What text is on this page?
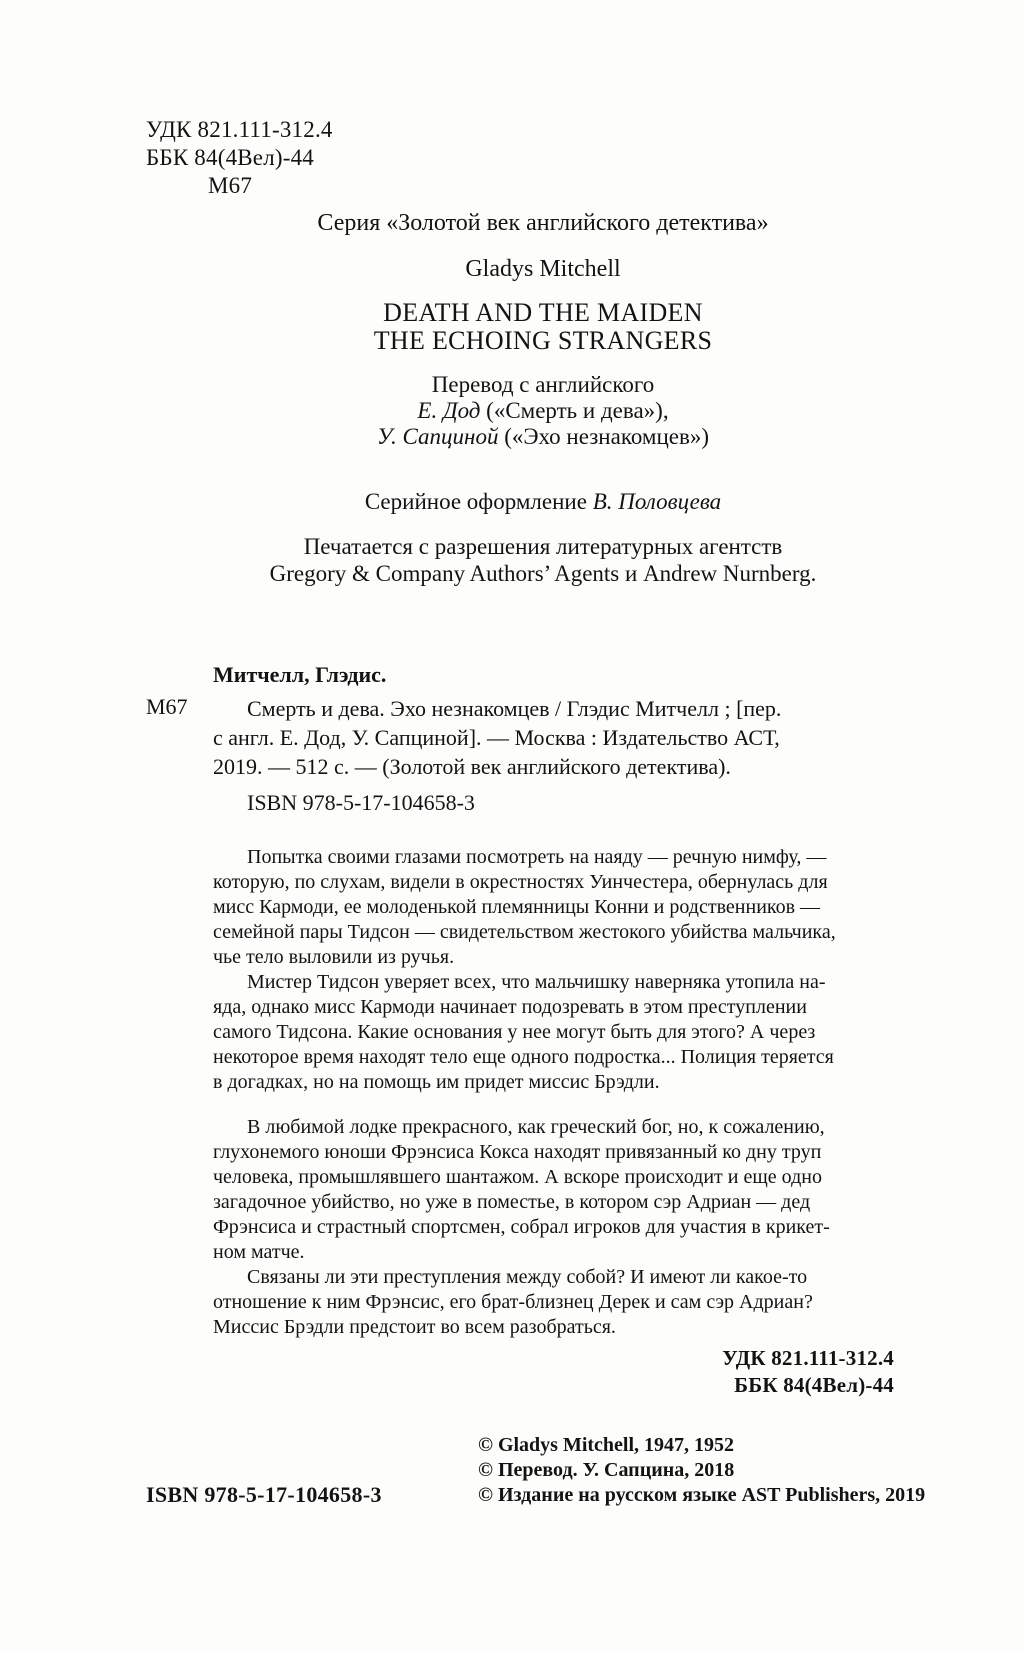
УДК 821.111-312.4
ББК 84(4Вел)-44
М67
Серия «Золотой век английского детектива»
Gladys Mitchell
DEATH AND THE MAIDEN
THE ECHOING STRANGERS
Перевод с английского
Е. Дод («Смерть и дева»),
У. Сапциной («Эхо незнакомцев»)
Серийное оформление В. Половцева
Печатается с разрешения литературных агентств
Gregory & Company Authors’ Agents и Andrew Nurnberg.
Митчелл, Глэдис.
М67	Смерть и дева. Эхо незнакомцев / Глэдис Митчелл ; [пер.
с англ. Е. Дод, У. Сапциной]. — Москва : Издательство АСТ,
2019. — 512 с. — (Золотой век английского детектива).
ISBN 978-5-17-104658-3
Попытка своими глазами посмотреть на наяду — речную нимфу, —
которую, по слухам, видели в окрестностях Уинчестера, обернулась для
мисс Кармоди, ее молоденькой племянницы Конни и родственников —
семейной пары Тидсон — свидетельством жестокого убийства мальчика,
чье тело выловили из ручья.
Мистер Тидсон уверяет всех, что мальчишку наверняка утопила на-
яда, однако мисс Кармоди начинает подозревать в этом преступлении
самого Тидсона. Какие основания у нее могут быть для этого? А через
некоторое время находят тело еще одного подростка... Полиция теряется
в догадках, но на помощь им придет миссис Брэдли.
В любимой лодке прекрасного, как греческий бог, но, к сожалению,
глухонемого юноши Фрэнсиса Кокса находят привязанный ко дну труп
человека, промышлявшего шантажом. А вскоре происходит и еще одно
загадочное убийство, но уже в поместье, в котором сэр Адриан — дед
Фрэнсиса и страстный спортсмен, собрал игроков для участия в крикет-
ном матче.
Связаны ли эти преступления между собой? И имеют ли какое-то
отношение к ним Фрэнсис, его брат-близнец Дерек и сам сэр Адриан?
Миссис Брэдли предстоит во всем разобраться.
УДК 821.111-312.4
ББК 84(4Вел)-44
ISBN 978-5-17-104658-3
© Gladys Mitchell, 1947, 1952
© Перевод. У. Сапцина, 2018
© Издание на русском языке AST Publishers, 2019
